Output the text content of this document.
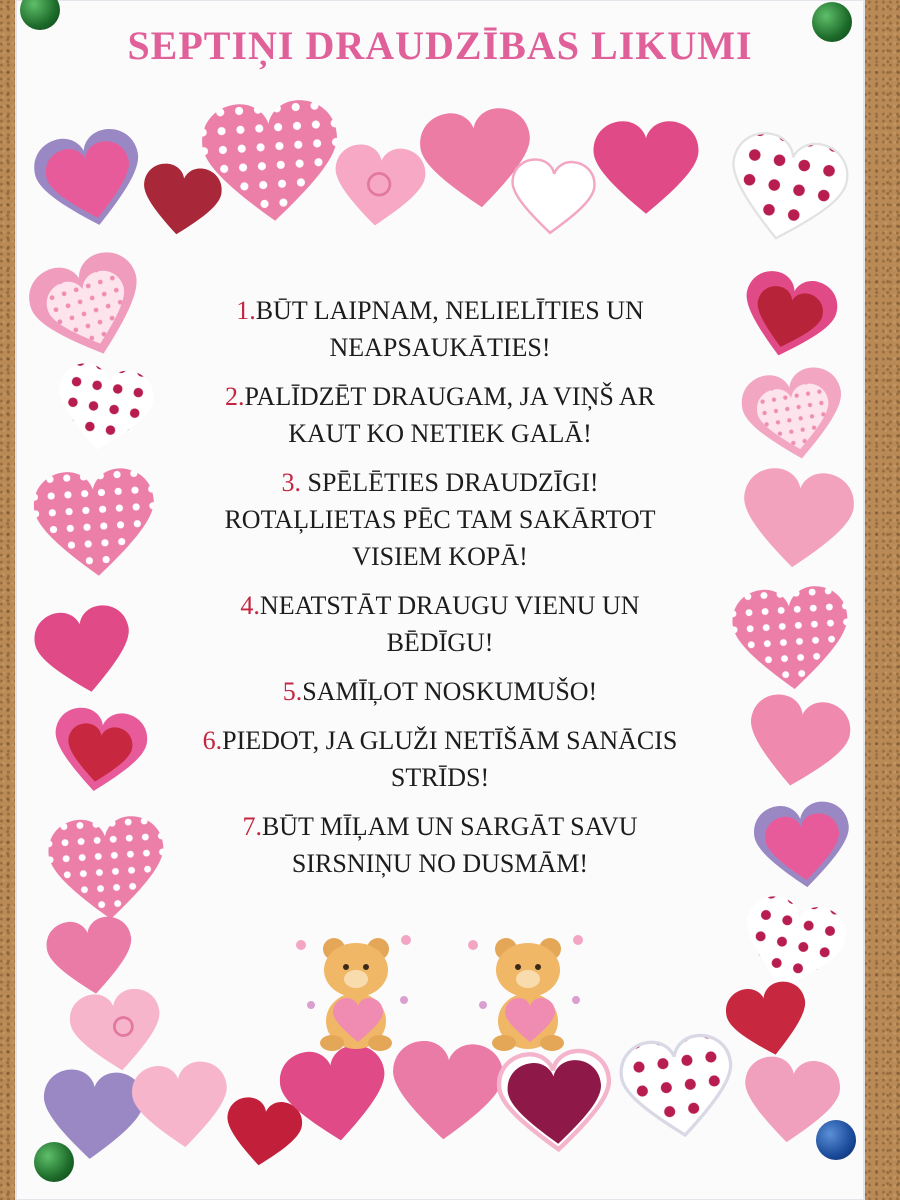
SEPTIŅI DRAUDZĪBAS LIKUMI
1.BŪT LAIPNAM, NELIELĪTIES UN
NEAPSAUKĀTIES!
2.PALĪDZĒT DRAUGAM, JA VIŅŠ AR
KAUT KO NETIEK GALĀ!
3. SPĒLĒTIES DRAUDZĪGI!
ROTAĻLIETAS PĒC TAM SAKĀRTOT
VISIEM KOPĀ!
4.NEATSTĀT DRAUGU VIENU UN
BĒDĪGU!
5.SAMĪĻOT NOSKUMUŠO!
6.PIEDOT, JA GLUŽI NETĪŠĀM SANĀCIS
STRĪDS!
7.BŪT MĪĻAM UN SARGĀT SAVU
SIRSNIŅU NO DUSMĀM!
